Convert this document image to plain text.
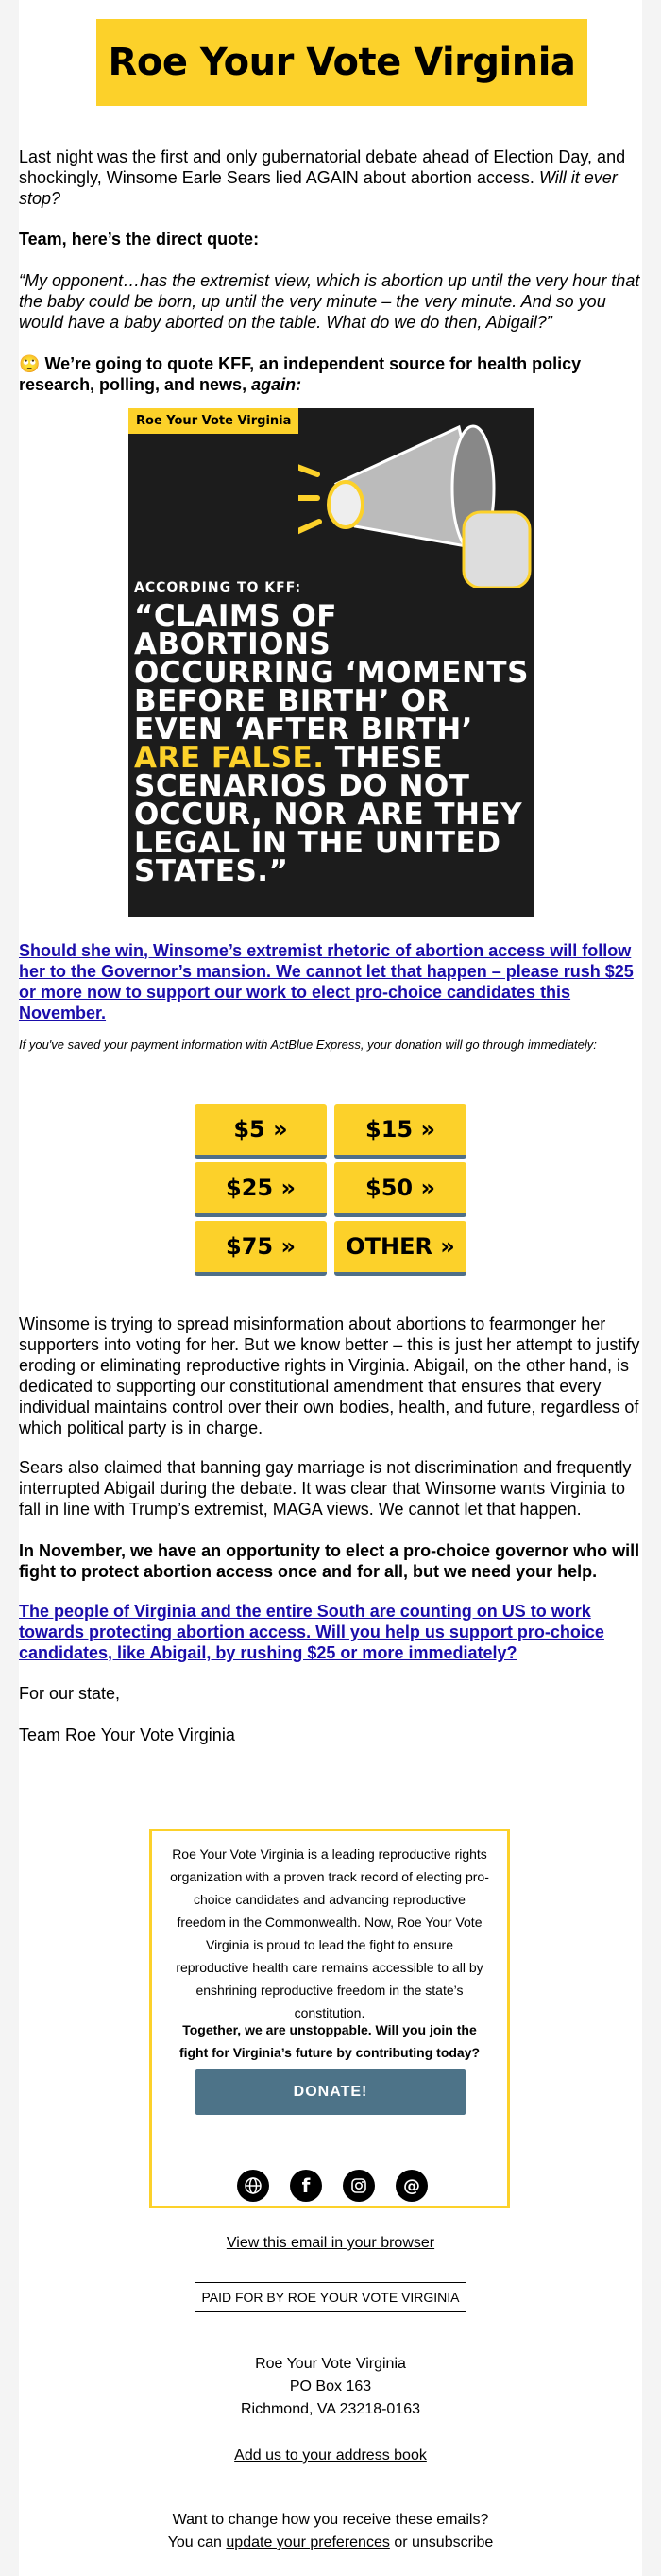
Roe Your Vote Virginia
Last night was the first and only gubernatorial debate ahead of Election Day, and shockingly, Winsome Earle Sears lied AGAIN about abortion access. Will it ever stop?
Team, here’s the direct quote:
“My opponent…has the extremist view, which is abortion up until the very hour that the baby could be born, up until the very minute – the very minute. And so you would have a baby aborted on the table. What do we do then, Abigail?”
🙄 We’re going to quote KFF, an independent source for health policy research, polling, and news, again:
Roe Your Vote Virginia
ACCORDING TO KFF:
“CLAIMS OF ABORTIONS OCCURRING ‘MOMENTS BEFORE BIRTH’ OR EVEN ‘AFTER BIRTH’ ARE FALSE. THESE SCENARIOS DO NOT OCCUR, NOR ARE THEY LEGAL IN THE UNITED STATES.”
Should she win, Winsome’s extremist rhetoric of abortion access will follow her to the Governor’s mansion. We cannot let that happen – please rush $25 or more now to support our work to elect pro-choice candidates this November.
If you've saved your payment information with ActBlue Express, your donation will go through immediately:
$5 »	$15 »
$25 »	$50 »
$75 »	OTHER »
Winsome is trying to spread misinformation about abortions to fearmonger her supporters into voting for her. But we know better – this is just her attempt to justify eroding or eliminating reproductive rights in Virginia. Abigail, on the other hand, is dedicated to supporting our constitutional amendment that ensures that every individual maintains control over their own bodies, health, and future, regardless of which political party is in charge.
Sears also claimed that banning gay marriage is not discrimination and frequently interrupted Abigail during the debate. It was clear that Winsome wants Virginia to fall in line with Trump’s extremist, MAGA views. We cannot let that happen.
In November, we have an opportunity to elect a pro-choice governor who will fight to protect abortion access once and for all, but we need your help.
The people of Virginia and the entire South are counting on US to work towards protecting abortion access. Will you help us support pro-choice candidates, like Abigail, by rushing $25 or more immediately?
For our state,
Team Roe Your Vote Virginia
Roe Your Vote Virginia is a leading reproductive rights organization with a proven track record of electing pro-choice candidates and advancing reproductive freedom in the Commonwealth. Now, Roe Your Vote Virginia is proud to lead the fight to ensure reproductive health care remains accessible to all by enshrining reproductive freedom in the state’s constitution.
Together, we are unstoppable. Will you join the fight for Virginia’s future by contributing today?
DONATE!
f	@
View this email in your browser
PAID FOR BY ROE YOUR VOTE VIRGINIA
Roe Your Vote Virginia
PO Box 163
Richmond, VA 23218-0163
Add us to your address book
Want to change how you receive these emails?
You can update your preferences or unsubscribe
